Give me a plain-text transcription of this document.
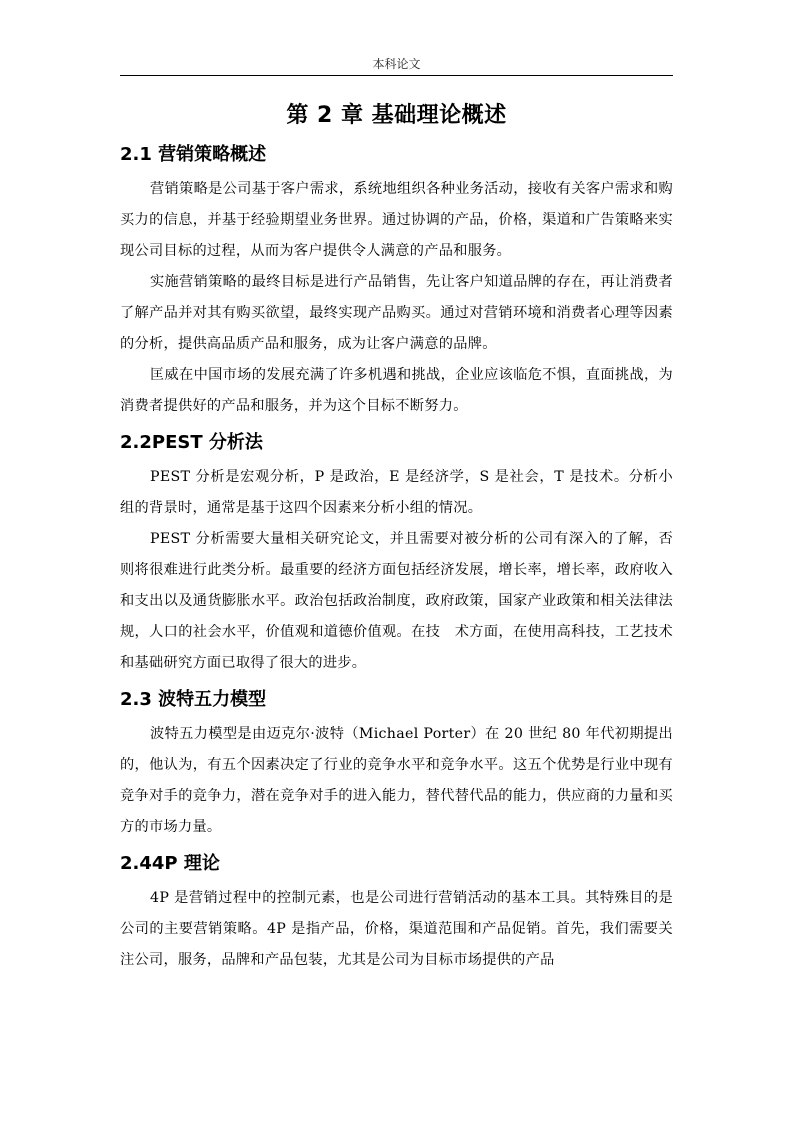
本科论文
第 2 章 基础理论概述
2.1 营销策略概述

营销策略是公司基于客户需求，系统地组织各种业务活动，接收有关客户需求和购买力的信息，并基于经验期望业务世界。通过协调的产品，价格，渠道和广告策略来实现公司目标的过程，从而为客户提供令人满意的产品和服务。

实施营销策略的最终目标是进行产品销售，先让客户知道品牌的存在，再让消费者了解产品并对其有购买欲望，最终实现产品购买。通过对营销环境和消费者心理等因素的分析，提供高品质产品和服务，成为让客户满意的品牌。

匡威在中国市场的发展充满了许多机遇和挑战，企业应该临危不惧，直面挑战，为消费者提供好的产品和服务，并为这个目标不断努力。

2.2PEST 分析法

PEST 分析是宏观分析，P 是政治，E 是经济学，S 是社会，T 是技术。分析小组的背景时，通常是基于这四个因素来分析小组的情况。

PEST 分析需要大量相关研究论文，并且需要对被分析的公司有深入的了解，否则将很难进行此类分析。最重要的经济方面包括经济发展，增长率，增长率，政府收入和支出以及通货膨胀水平。政治包括政治制度，政府政策，国家产业政策和相关法律法规，人口的社会水平，价值观和道德价值观。在技　术方面，在使用高科技，工艺技术和基础研究方面已取得了很大的进步。

2.3 波特五力模型

波特五力模型是由迈克尔·波特（Michael Porter）在 20 世纪 80 年代初期提出的，他认为，有五个因素决定了行业的竞争水平和竞争水平。这五个优势是行业中现有竞争对手的竞争力，潜在竞争对手的进入能力，替代替代品的能力，供应商的力量和买方的市场力量。

2.44P 理论

4P 是营销过程中的控制元素，也是公司进行营销活动的基本工具。其特殊目的是公司的主要营销策略。4P 是指产品，价格，渠道范围和产品促销。首先，我们需要关注公司，服务，品牌和产品包装，尤其是公司为目标市场提供的产品
